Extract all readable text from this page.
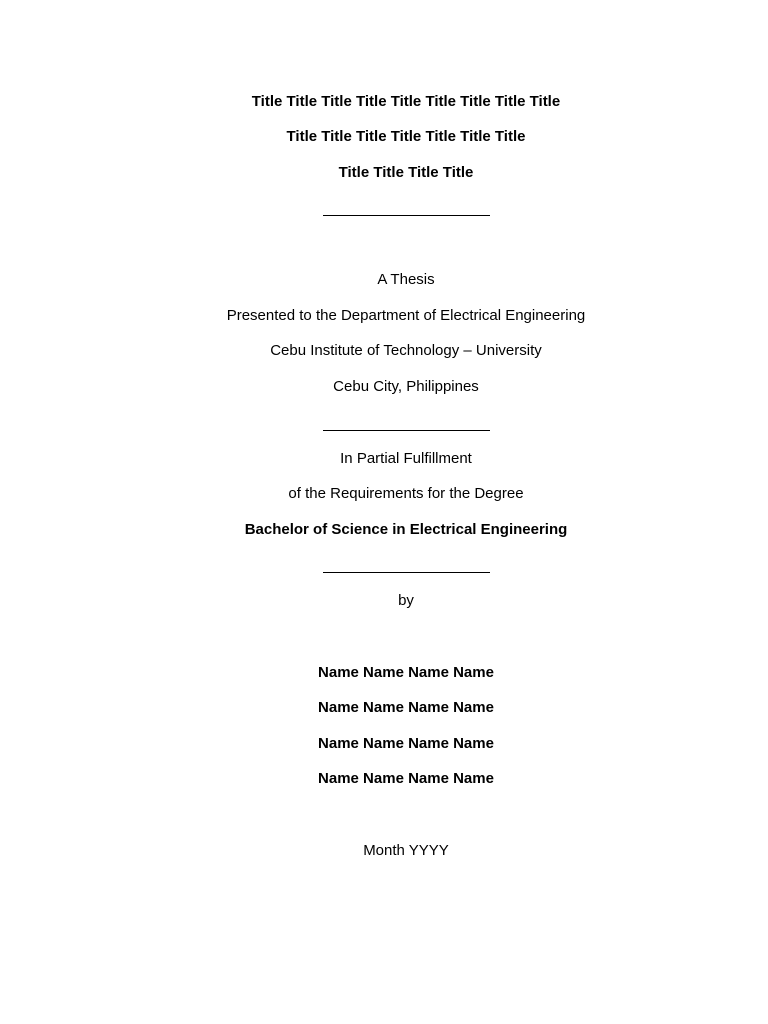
Title Title Title Title Title Title Title Title Title
Title Title Title Title Title Title Title
Title Title Title Title
A Thesis
Presented to the Department of Electrical Engineering
Cebu Institute of Technology – University
Cebu City, Philippines
In Partial Fulfillment
of the Requirements for the Degree
Bachelor of Science in Electrical Engineering
by
Name Name Name Name
Name Name Name Name
Name Name Name Name
Name Name Name Name
Month YYYY
